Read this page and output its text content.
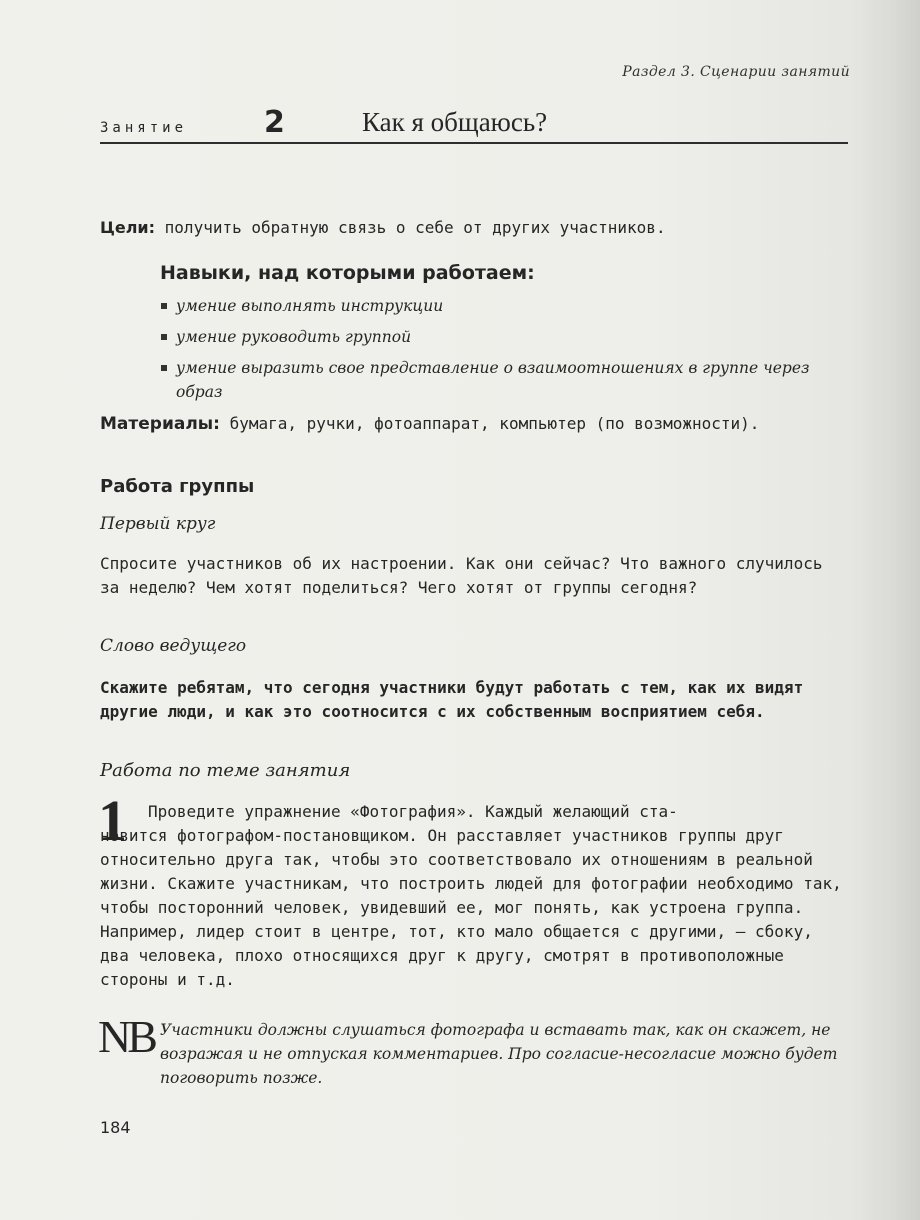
Раздел 3. Сценарии занятий
Занятие	2	Как я общаюсь?
Цели: получить обратную связь о себе от других участников.
Навыки, над которыми работаем:
умение выполнять инструкции
умение руководить группой
умение выразить свое представление о взаимоотношениях в группе через образ
Материалы: бумага, ручки, фотоаппарат, компьютер (по возможности).
Работа группы
Первый круг
Спросите участников об их настроении. Как они сейчас? Что важного случилось за неделю? Чем хотят поделиться? Чего хотят от группы сегодня?
Слово ведущего
Скажите ребятам, что сегодня участники будут работать с тем, как их видят другие люди, и как это соотносится с их собственным восприятием себя.
Работа по теме занятия
1 Проведите упражнение «Фотография». Каждый желающий ста-
новится фотографом-постановщиком. Он расставляет участников группы друг относительно друга так, чтобы это соответствовало их отношениям в реальной жизни. Скажите участникам, что построить людей для фотографии необходимо так, чтобы посторонний человек, увидевший ее, мог понять, как устроена группа. Например, лидер стоит в центре, тот, кто мало общается с другими, — сбоку, два человека, плохо относящихся друг к другу, смотрят в противоположные стороны и т.д.
NB Участники должны слушаться фотографа и вставать так, как он скажет, не возражая и не отпуская комментариев. Про согласие-несогласие можно будет поговорить позже.
184
